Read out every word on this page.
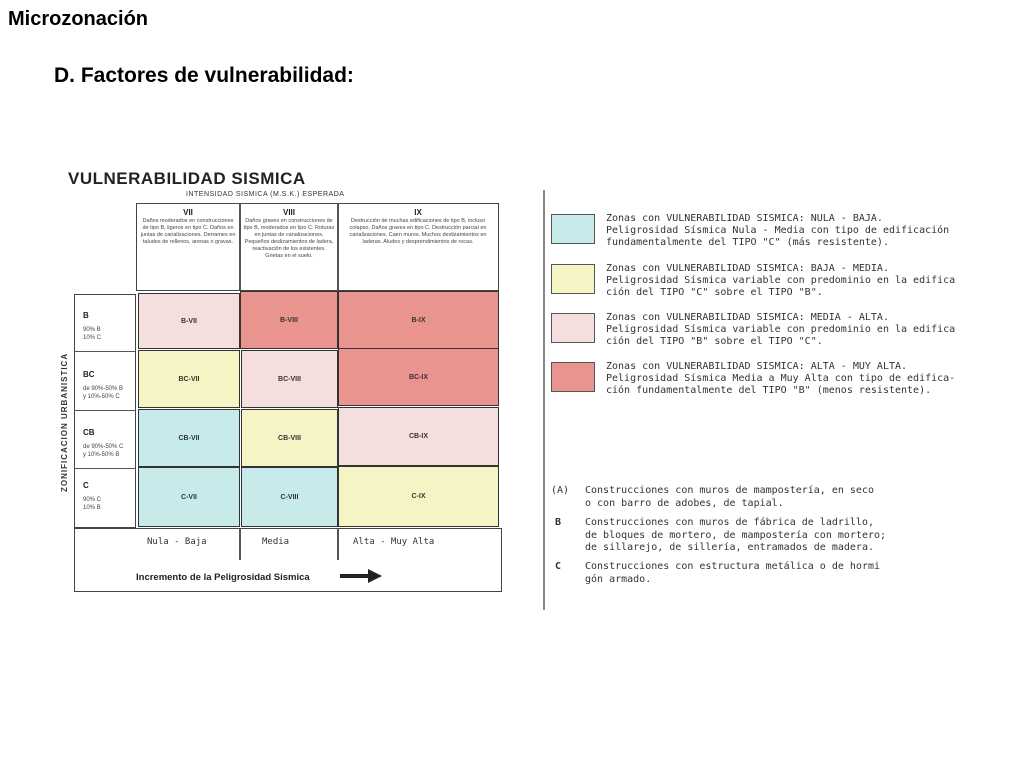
Microzonación
D. Factores de vulnerabilidad:
VULNERABILIDAD SISMICA
INTENSIDAD SISMICA (M.S.K.) ESPERADA
VII
Daños moderados en construcciones de tipo B, ligeros en tipo C. Daños en juntas de canalizaciones. Derrames en taludes de rellenos, arenas o gravas.
VIII
Daños graves en construcciones de tipo B, moderados en tipo C. Roturas en juntas de canalizaciones. Pequeños deslizamientos de ladera, reactivación de los existentes. Grietas en el suelo.
IX
Destrucción de muchas edificaciones de tipo B, incluso colapso. Daños graves en tipo C. Destrucción parcial en canalizaciones. Caen muros. Muchos deslizamientos en laderas. Aludes y desprendimientos de rocas.
ZONIFICACION URBANISTICA
B
90% B
10% C
BC
de 90%-50% B
y 10%-50% C
CB
de 90%-50% C
y 10%-50% B
C
90% C
10% B
B-VII	B-VIII	B-IX
BC-VII	BC-VIII	BC-IX
CB-VII	CB-VIII	CB-IX
C-VII	C-VIII	C-IX
Nula - Baja	Media	Alta - Muy Alta
Incremento de la Peligrosidad Sismica
Zonas con VULNERABILIDAD SISMICA: NULA - BAJA.
Peligrosidad Sísmica Nula - Media con tipo de edificación
fundamentalmente del TIPO "C" (más resistente).
Zonas con VULNERABILIDAD SISMICA: BAJA - MEDIA.
Peligrosidad Sísmica variable con predominio en la edifica
ción del TIPO "C" sobre el TIPO "B".
Zonas con VULNERABILIDAD SISMICA: MEDIA - ALTA.
Peligrosidad Sísmica variable con predominio en la edifica
ción del TIPO "B" sobre el TIPO "C".
Zonas con VULNERABILIDAD SISMICA: ALTA - MUY ALTA.
Peligrosidad Sísmica Media a Muy Alta con tipo de edifica-
ción fundamentalmente del TIPO "B" (menos resistente).
(A) Construcciones con muros de mampostería, en seco
o con barro de adobes, de tapial.
B Construcciones con muros de fábrica de ladrillo,
de bloques de mortero, de mampostería con mortero;
de sillarejo, de sillería, entramados de madera.
C Construcciones con estructura metálica o de hormi
gón armado.
